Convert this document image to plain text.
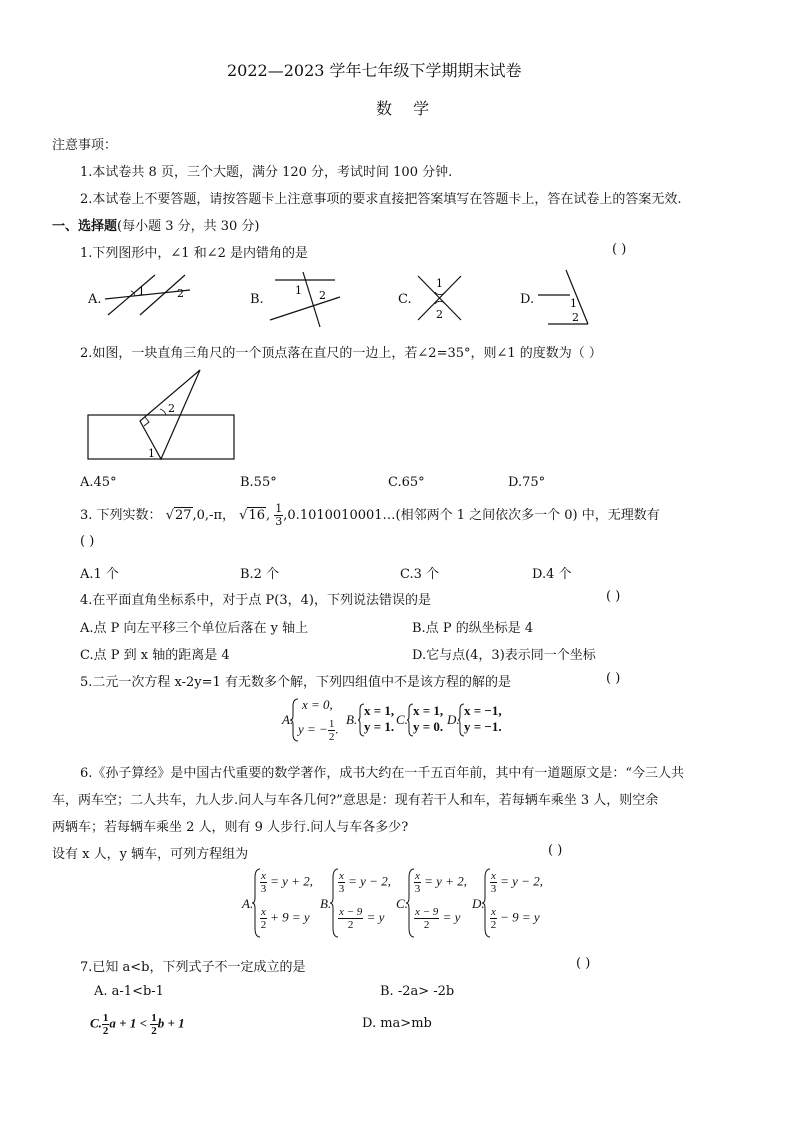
2022—2023 学年七年级下学期期末试卷
数 学
注意事项：
1.本试卷共 8 页，三个大题，满分 120 分，考试时间 100 分钟.
2.本试卷上不要答题，请按答题卡上注意事项的要求直接把答案填写在答题卡上，答在试卷上的答案无效.
一、选择题(每小题 3 分，共 30 分)
1.下列图形中，∠1 和∠2 是内错角的是	( )
A.
1	2	B.
1 2	C.
1
2
D.	1
2
2.如图，一块直角三角尺的一个顶点落在直尺的一边上，若∠2=35°，则∠1 的度数为（ ）
2
1
A.45°	B.55°	C.65°	D.75°
3. 下列实数： √27,0,-π， √16, $\frac{1}{3}$ ,0.1010010001…(相邻两个 1 之间依次多一个 0) 中，无理数有
( )
A.1 个	B.2 个	C.3 个	D.4 个
4.在平面直角坐标系中，对于点 P(3，4)，下列说法错误的是	( )
A.点 P 向左平移三个单位后落在 y 轴上	B.点 P 的纵坐标是 4
C.点 P 到 x 轴的距离是 4	D.它与点(4，3)表示同一个坐标
5.二元一次方程 x-2y=1 有无数多个解，下列四组值中不是该方程的解的是	( )
A.
x = 0,
y = − $\frac{1}{2}$ .
B.
x = 1,
y = 1. C.
x = 1,
y = 0. D.
x = −1,
y = −1.
6.《孙子算经》是中国古代重要的数学著作，成书大约在一千五百年前，其中有一道题原文是：“今三人共
车，两车空；二人共车，九人步.问人与车各几何?”意思是：现有若干人和车，若每辆车乘坐 3 人，则空余
两辆车；若每辆车乘坐 2 人，则有 9 人步行.问人与车各多少?
设有 x 人，y 辆车，可列方程组为	( )
A.
$\frac{x}{3} = y + 2$,
$\frac{x}{2} + 9 = y$
B.
$\frac{x}{3} = y - 2$,
$\frac{x - 9}{2} = y$
C.
$\frac{x}{3} = y + 2$,
$\frac{x - 9}{2} = y$
D.
$\frac{x}{3} = y - 2$,
$\frac{x}{2} - 9 = y$
7.已知 a<b，下列式子不一定成立的是	( )
A. a-1<b-1	B. -2a> -2b
C. $\frac{1}{2}$ $a + 1 < \frac{1}{2}$ b + 1	D. ma>mb
